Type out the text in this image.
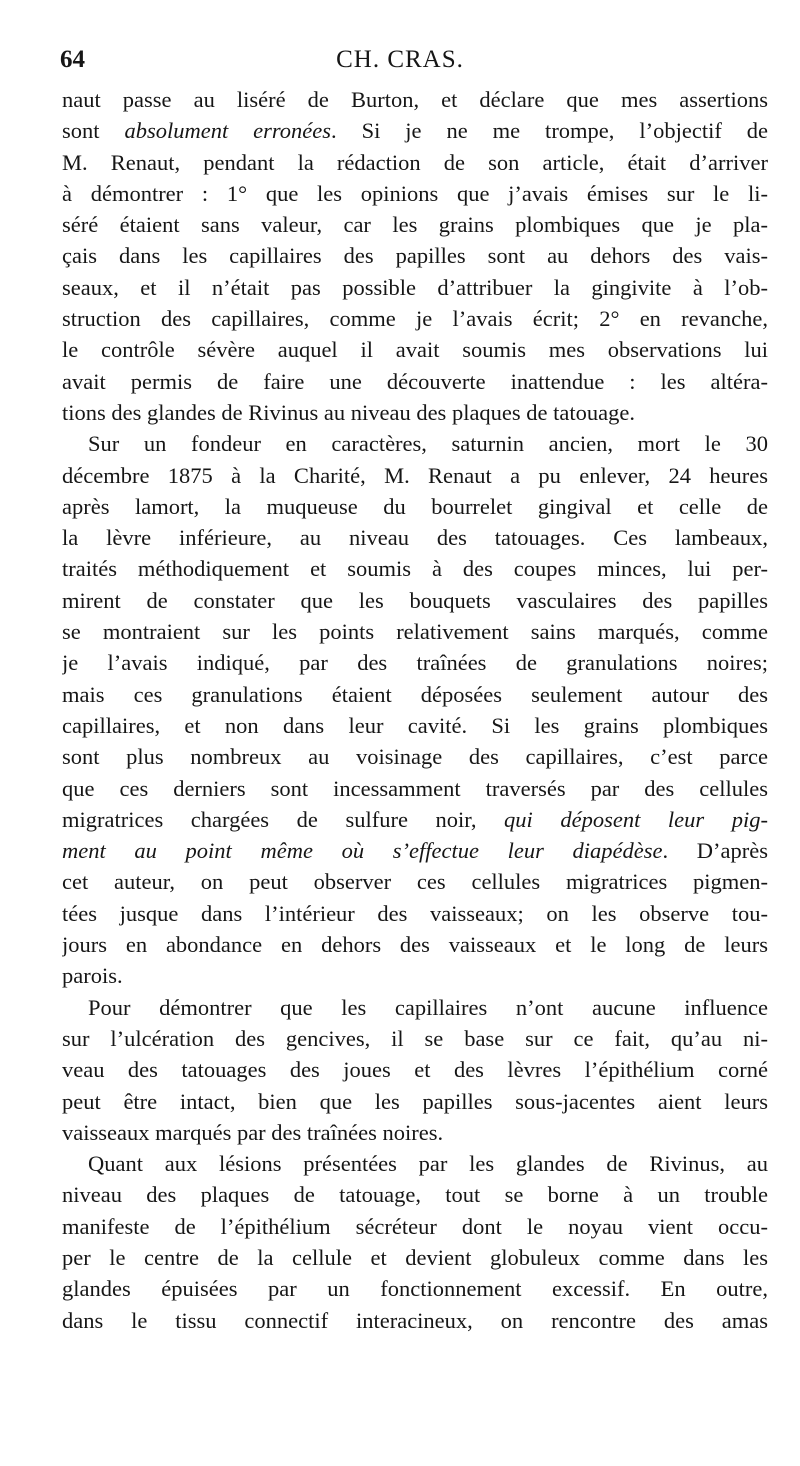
64	CH. CRAS.
naut passe au liséré de Burton, et déclare que mes assertions
sont absolument erronées. Si je ne me trompe, l’objectif de
M. Renaut, pendant la rédaction de son article, était d’arriver
à démontrer : 1° que les opinions que j’avais émises sur le li-
séré étaient sans valeur, car les grains plombiques que je pla-
çais dans les capillaires des papilles sont au dehors des vais-
seaux, et il n’était pas possible d’attribuer la gingivite à l’ob-
struction des capillaires, comme je l’avais écrit; 2° en revanche,
le contrôle sévère auquel il avait soumis mes observations lui
avait permis de faire une découverte inattendue : les altéra-
tions des glandes de Rivinus au niveau des plaques de tatouage.
Sur un fondeur en caractères, saturnin ancien, mort le 30
décembre 1875 à la Charité, M. Renaut a pu enlever, 24 heures
après lamort, la muqueuse du bourrelet gingival et celle de
la lèvre inférieure, au niveau des tatouages. Ces lambeaux,
traités méthodiquement et soumis à des coupes minces, lui per-
mirent de constater que les bouquets vasculaires des papilles
se montraient sur les points relativement sains marqués, comme
je l’avais indiqué, par des traînées de granulations noires;
mais ces granulations étaient déposées seulement autour des
capillaires, et non dans leur cavité. Si les grains plombiques
sont plus nombreux au voisinage des capillaires, c’est parce
que ces derniers sont incessamment traversés par des cellules
migratrices chargées de sulfure noir, qui déposent leur pig-
ment au point même où s’effectue leur diapédèse. D’après
cet auteur, on peut observer ces cellules migratrices pigmen-
tées jusque dans l’intérieur des vaisseaux; on les observe tou-
jours en abondance en dehors des vaisseaux et le long de leurs
parois.
Pour démontrer que les capillaires n’ont aucune influence
sur l’ulcération des gencives, il se base sur ce fait, qu’au ni-
veau des tatouages des joues et des lèvres l’épithélium corné
peut être intact, bien que les papilles sous-jacentes aient leurs
vaisseaux marqués par des traînées noires.
Quant aux lésions présentées par les glandes de Rivinus, au
niveau des plaques de tatouage, tout se borne à un trouble
manifeste de l’épithélium sécréteur dont le noyau vient occu-
per le centre de la cellule et devient globuleux comme dans les
glandes épuisées par un fonctionnement excessif. En outre,
dans le tissu connectif interacineux, on rencontre des amas
